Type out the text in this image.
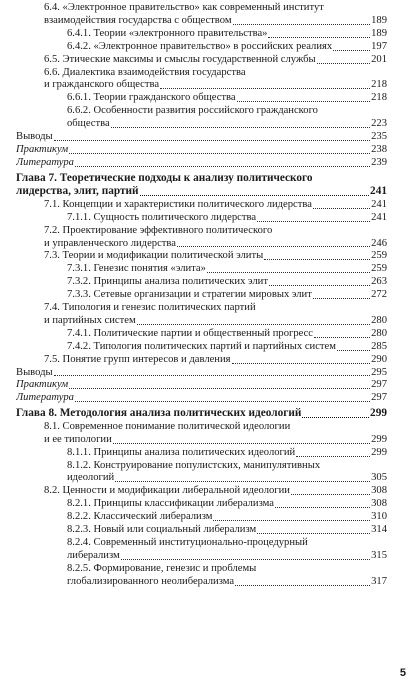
6.4. «Электронное правительство» как современный институт
взаимодействия государства с обществом	189
6.4.1. Теории «электронного правительства»	189
6.4.2. «Электронное правительство» в российских реалиях	197
6.5. Этические максимы и смыслы государственной службы	201
6.6. Диалектика взаимодействия государства
и гражданского общества	218
6.6.1. Теории гражданского общества	218
6.6.2. Особенности развития российского гражданского
общества	223
Выводы	235
Практикум	238
Литература	239
Глава 7. Теоретические подходы к анализу политического
лидерства, элит, партий	241
7.1. Концепции и характеристики политического лидерства	241
7.1.1. Сущность политического лидерства	241
7.2. Проектирование эффективного политического
и управленческого лидерства	246
7.3. Теории и модификации политической элиты	259
7.3.1. Генезис понятия «элита»	259
7.3.2. Принципы анализа политических элит	263
7.3.3. Сетевые организации и стратегии мировых элит	272
7.4. Типология и генезис политических партий
и партийных систем	280
7.4.1. Политические партии и общественный прогресс	280
7.4.2. Типология политических партий и партийных систем	285
7.5. Понятие групп интересов и давления	290
Выводы	295
Практикум	297
Литература	297
Глава 8. Методология анализа политических идеологий	299
8.1. Современное понимание политической идеологии
и ее типологии	299
8.1.1. Принципы анализа политических идеологий	299
8.1.2. Конструирование популистских, манипулятивных
идеологий	305
8.2. Ценности и модификации либеральной идеологии	308
8.2.1. Принципы классификации либерализма	308
8.2.2. Классический либерализм	310
8.2.3. Новый или социальный либерализм	314
8.2.4. Современный институционально-процедурный
либерализм	315
8.2.5. Формирование, генезис и проблемы
глобализированного неолиберализма	317
5
